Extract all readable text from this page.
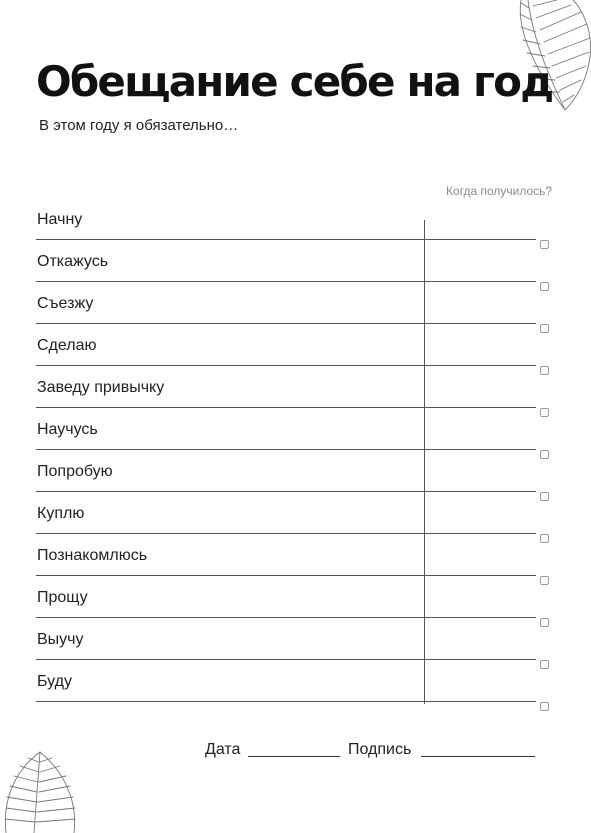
Обещание себе на год
В этом году я обязательно…
Когда получилось?
Начну
Откажусь
Съезжу
Сделаю
Заведу привычку
Научусь
Попробую
Куплю
Познакомлюсь
Прощу
Выучу
Буду
Дата	Подпись
